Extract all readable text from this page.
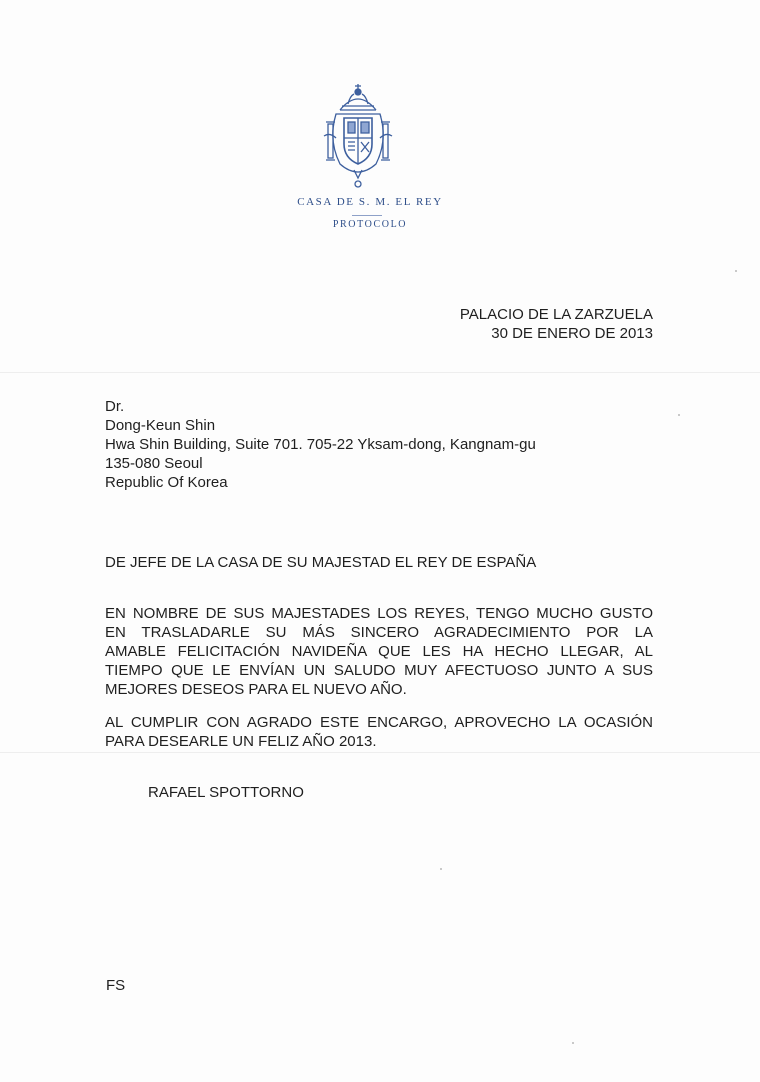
CASA DE S. M. EL REY
PROTOCOLO
PALACIO DE LA ZARZUELA
30 DE ENERO DE 2013
Dr.
Dong-Keun Shin
Hwa Shin Building, Suite 701. 705-22 Yksam-dong, Kangnam-gu
135-080 Seoul
Republic Of Korea
DE JEFE DE LA CASA DE SU MAJESTAD EL REY DE ESPAÑA
EN NOMBRE DE SUS MAJESTADES LOS REYES, TENGO MUCHO GUSTO
EN TRASLADARLE SU MÁS SINCERO AGRADECIMIENTO POR LA
AMABLE FELICITACIÓN NAVIDEÑA QUE LES HA HECHO LLEGAR, AL
TIEMPO QUE LE ENVÍAN UN SALUDO MUY AFECTUOSO JUNTO A SUS
MEJORES DESEOS PARA EL NUEVO AÑO.
AL CUMPLIR CON AGRADO ESTE ENCARGO, APROVECHO LA OCASIÓN
PARA DESEARLE UN FELIZ AÑO 2013.
RAFAEL SPOTTORNO
FS
